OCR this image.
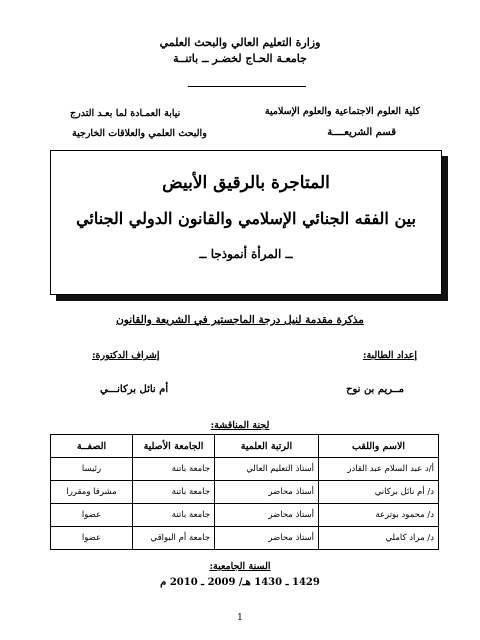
وزارة التعليم العالي والبحث العلمي
جامعـة الحـاج لخضـر ــ باتنــة
كلية العلوم الاجتماعية والعلوم الإسلامية
قسم الشريعــــة
نيابة العمـادة لما بعـد التدرج
والبحث العلمي والعلاقات الخارجية
المتاجرة بالرقيق الأبيض
بين الفقه الجنائي الإسلامي والقانون الدولي الجنائي
ــ المرأة أنموذجا ــ
مذكرة مقدمة لنيل درجة الماجستير في الشريعة والقانون
إعداد الطالبة:
إشراف الدكتورة:
مــريم بن نوح
أم نائل بركانـــي
لجنة المناقشة:
الاسم واللقب	الرتبة العلمية	الجامعة الأصلية	الصفــة
أ/د عبد السلام عبد القادر	أستاذ التعليم العالي	جامعة باتنة	رئيسا
د/ أم نائل بركاني	أستاذ محاضر	جامعة باتنة	مشرفا ومقررا
د/ محمود بوترعة	أستاذ محاضر	جامعة باتنة	عضوا
د/ مراد كاملي	أستاذ محاضر	جامعة أم البواقي	عضوا
السنة الجامعية:
1429 ـ 1430 هـ/ 2009 ـ 2010 م
1
